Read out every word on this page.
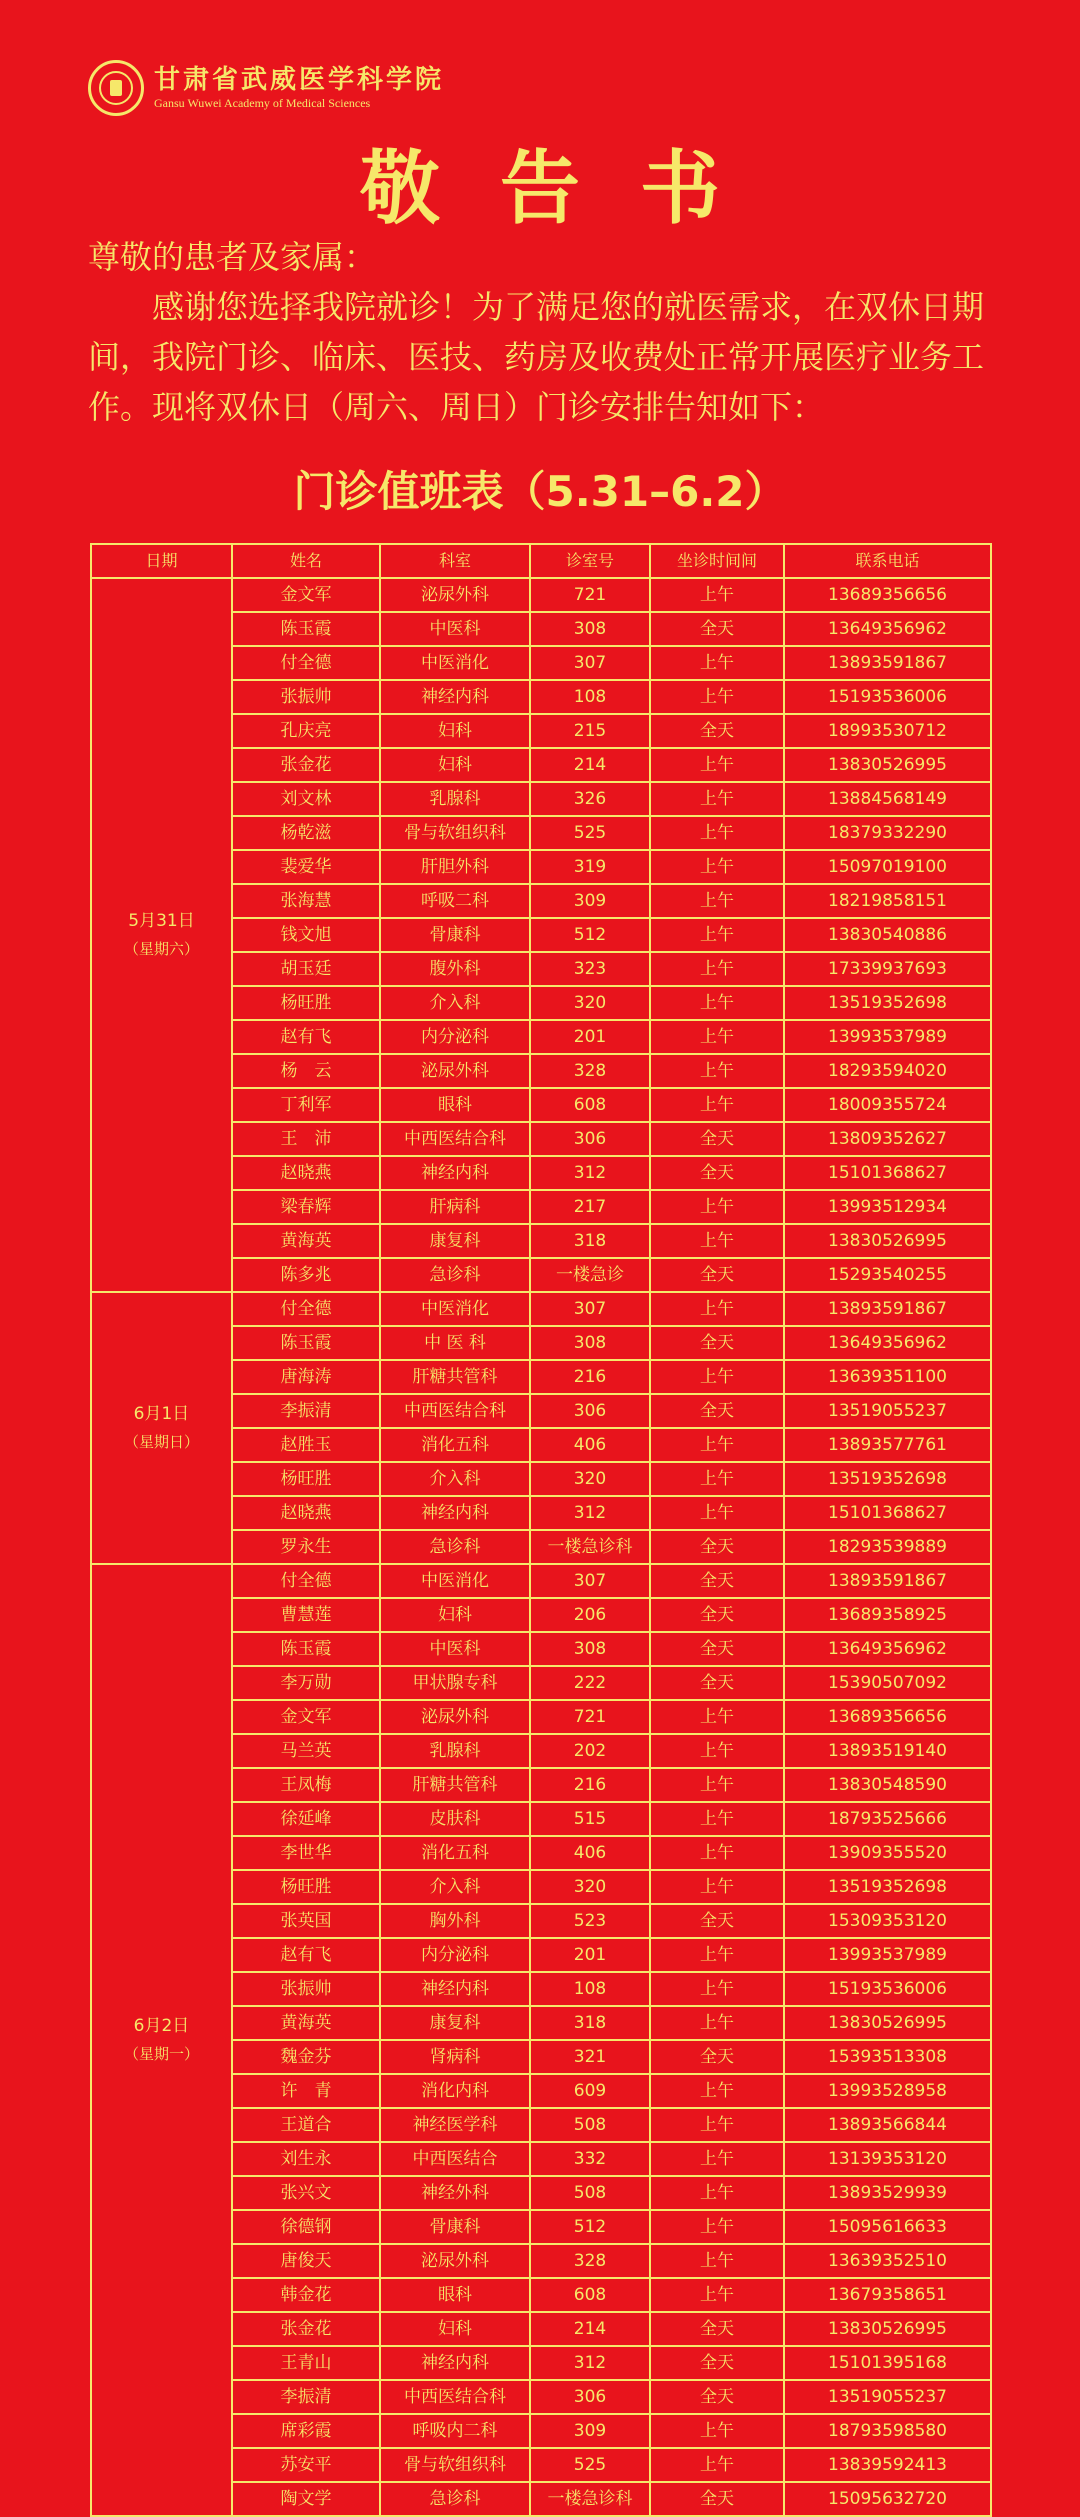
甘肃省武威医学科学院
Gansu Wuwei Academy of Medical Sciences
敬告书

尊敬的患者及家属：

感谢您选择我院就诊！为了满足您的就医需求，在双休日期间，我院门诊、临床、医技、药房及收费处正常开展医疗业务工作。现将双休日（周六、周日）门诊安排告知如下：

门诊值班表（5.31–6.2）
日期	姓名	科室	诊室号	坐诊时间间	联系电话

5月31日
（星期六）	金文军	泌尿外科	721	上午	13689356656
	陈玉霞	中医科	308	全天	13649356962
	付全德	中医消化	307	上午	13893591867
	张振帅	神经内科	108	上午	15193536006
	孔庆亮	妇科	215	全天	18993530712
	张金花	妇科	214	上午	13830526995
	刘文林	乳腺科	326	上午	13884568149
	杨乾滋	骨与软组织科	525	上午	18379332290
	裴爱华	肝胆外科	319	上午	15097019100
	张海慧	呼吸二科	309	上午	18219858151
	钱文旭	骨康科	512	上午	13830540886
	胡玉廷	腹外科	323	上午	17339937693
	杨旺胜	介入科	320	上午	13519352698
	赵有飞	内分泌科	201	上午	13993537989
	杨　云	泌尿外科	328	上午	18293594020
	丁利军	眼科	608	上午	18009355724
	王　沛	中西医结合科	306	全天	13809352627
	赵晓燕	神经内科	312	全天	15101368627
	梁春辉	肝病科	217	上午	13993512934
	黄海英	康复科	318	上午	13830526995
	陈多兆	急诊科	一楼急诊	全天	15293540255

6月1日
（星期日）	付全德	中医消化	307	上午	13893591867
	陈玉霞	中 医 科	308	全天	13649356962
	唐海涛	肝糖共管科	216	上午	13639351100
	李振清	中西医结合科	306	全天	13519055237
	赵胜玉	消化五科	406	上午	13893577761
	杨旺胜	介入科	320	上午	13519352698
	赵晓燕	神经内科	312	上午	15101368627
	罗永生	急诊科	一楼急诊科	全天	18293539889

6月2日
（星期一）	付全德	中医消化	307	全天	13893591867
	曹慧莲	妇科	206	全天	13689358925
	陈玉霞	中医科	308	全天	13649356962
	李万勋	甲状腺专科	222	全天	15390507092
	金文军	泌尿外科	721	上午	13689356656
	马兰英	乳腺科	202	上午	13893519140
	王凤梅	肝糖共管科	216	上午	13830548590
	徐延峰	皮肤科	515	上午	18793525666
	李世华	消化五科	406	上午	13909355520
	杨旺胜	介入科	320	上午	13519352698
	张英国	胸外科	523	全天	15309353120
	赵有飞	内分泌科	201	上午	13993537989
	张振帅	神经内科	108	上午	15193536006
	黄海英	康复科	318	上午	13830526995
	魏金芬	肾病科	321	全天	15393513308
	许　青	消化内科	609	上午	13993528958
	王道合	神经医学科	508	上午	13893566844
	刘生永	中西医结合	332	上午	13139353120
	张兴文	神经外科	508	上午	13893529939
	徐德钢	骨康科	512	上午	15095616633
	唐俊天	泌尿外科	328	上午	13639352510
	韩金花	眼科	608	上午	13679358651
	张金花	妇科	214	全天	13830526995
	王青山	神经内科	312	全天	15101395168
	李振清	中西医结合科	306	全天	13519055237
	席彩霞	呼吸内二科	309	上午	18793598580
	苏安平	骨与软组织科	525	上午	13839592413
	陶文学	急诊科	一楼急诊科	全天	15095632720
